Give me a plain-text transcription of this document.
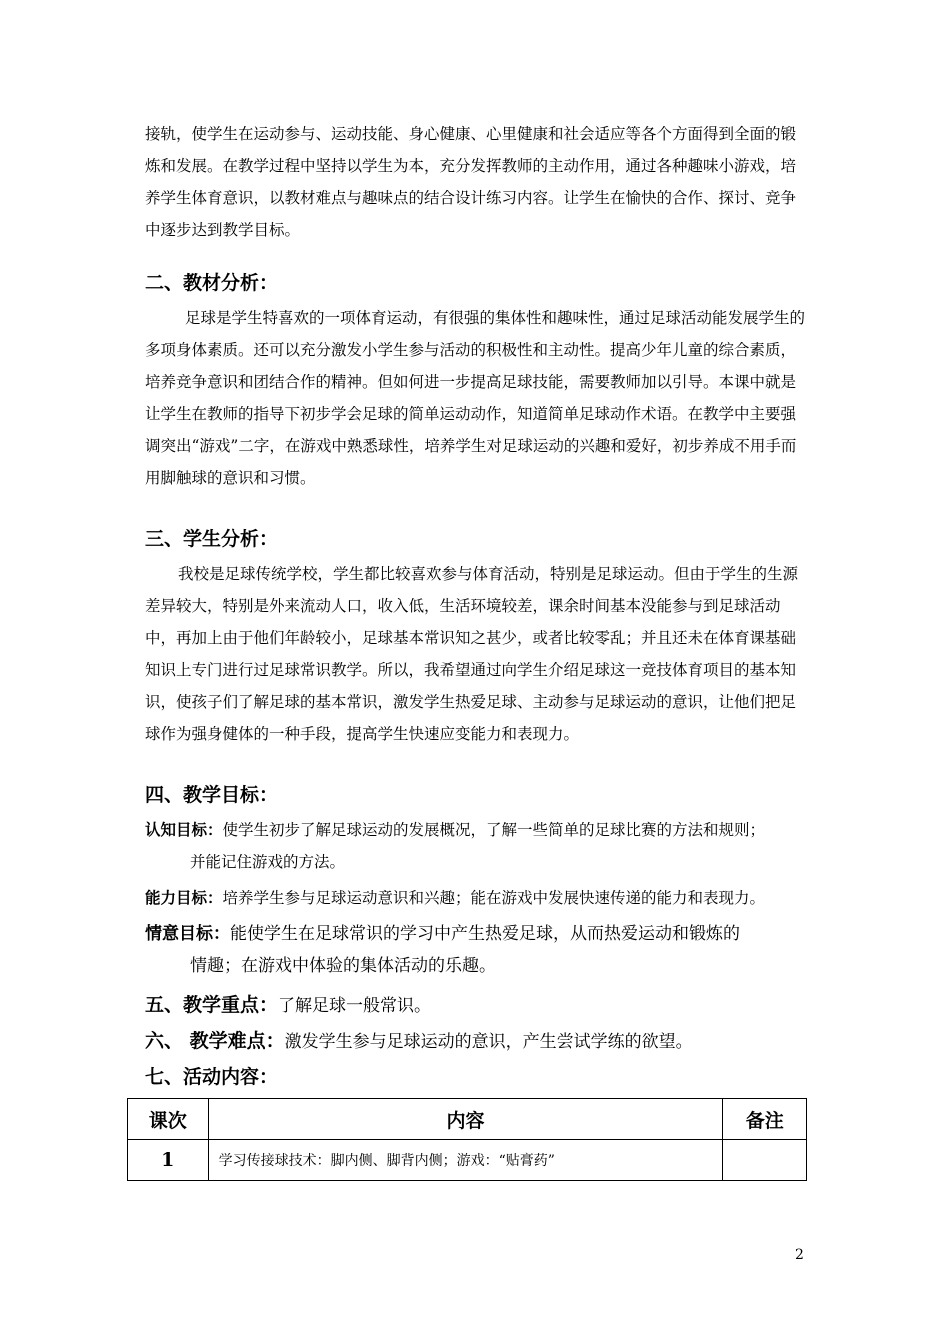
接轨，使学生在运动参与、运动技能、身心健康、心里健康和社会适应等各个方面得到全面的锻炼和发展。在教学过程中坚持以学生为本，充分发挥教师的主动作用，通过各种趣味小游戏，培养学生体育意识，以教材难点与趣味点的结合设计练习内容。让学生在愉快的合作、探讨、竞争中逐步达到教学目标。

二、教材分析：

足球是学生特喜欢的一项体育运动，有很强的集体性和趣味性，通过足球活动能发展学生的多项身体素质。还可以充分激发小学生参与活动的积极性和主动性。提高少年儿童的综合素质，培养竞争意识和团结合作的精神。但如何进一步提高足球技能，需要教师加以引导。本课中就是让学生在教师的指导下初步学会足球的简单运动动作，知道简单足球动作术语。在教学中主要强调突出“游戏”二字，在游戏中熟悉球性，培养学生对足球运动的兴趣和爱好，初步养成不用手而用脚触球的意识和习惯。

三、学生分析：

我校是足球传统学校，学生都比较喜欢参与体育活动，特别是足球运动。但由于学生的生源差异较大，特别是外来流动人口，收入低，生活环境较差，课余时间基本没能参与到足球活动中，再加上由于他们年龄较小，足球基本常识知之甚少，或者比较零乱；并且还未在体育课基础知识上专门进行过足球常识教学。所以，我希望通过向学生介绍足球这一竞技体育项目的基本知识，使孩子们了解足球的基本常识，激发学生热爱足球、主动参与足球运动的意识，让他们把足球作为强身健体的一种手段，提高学生快速应变能力和表现力。

四、教学目标：
认知目标：使学生初步了解足球运动的发展概况，了解一些简单的足球比赛的方法和规则；
并能记住游戏的方法。
能力目标：培养学生参与足球运动意识和兴趣；能在游戏中发展快速传递的能力和表现力。
情意目标：能使学生在足球常识的学习中产生热爱足球，从而热爱运动和锻炼的
情趣；在游戏中体验的集体活动的乐趣。
五、教学重点：了解足球一般常识。
六、 教学难点：激发学生参与足球运动的意识，产生尝试学练的欲望。
七、活动内容：
课次	内容	备注
1	学习传接球技术：脚内侧、脚背内侧；游戏：“贴膏药”	
2
